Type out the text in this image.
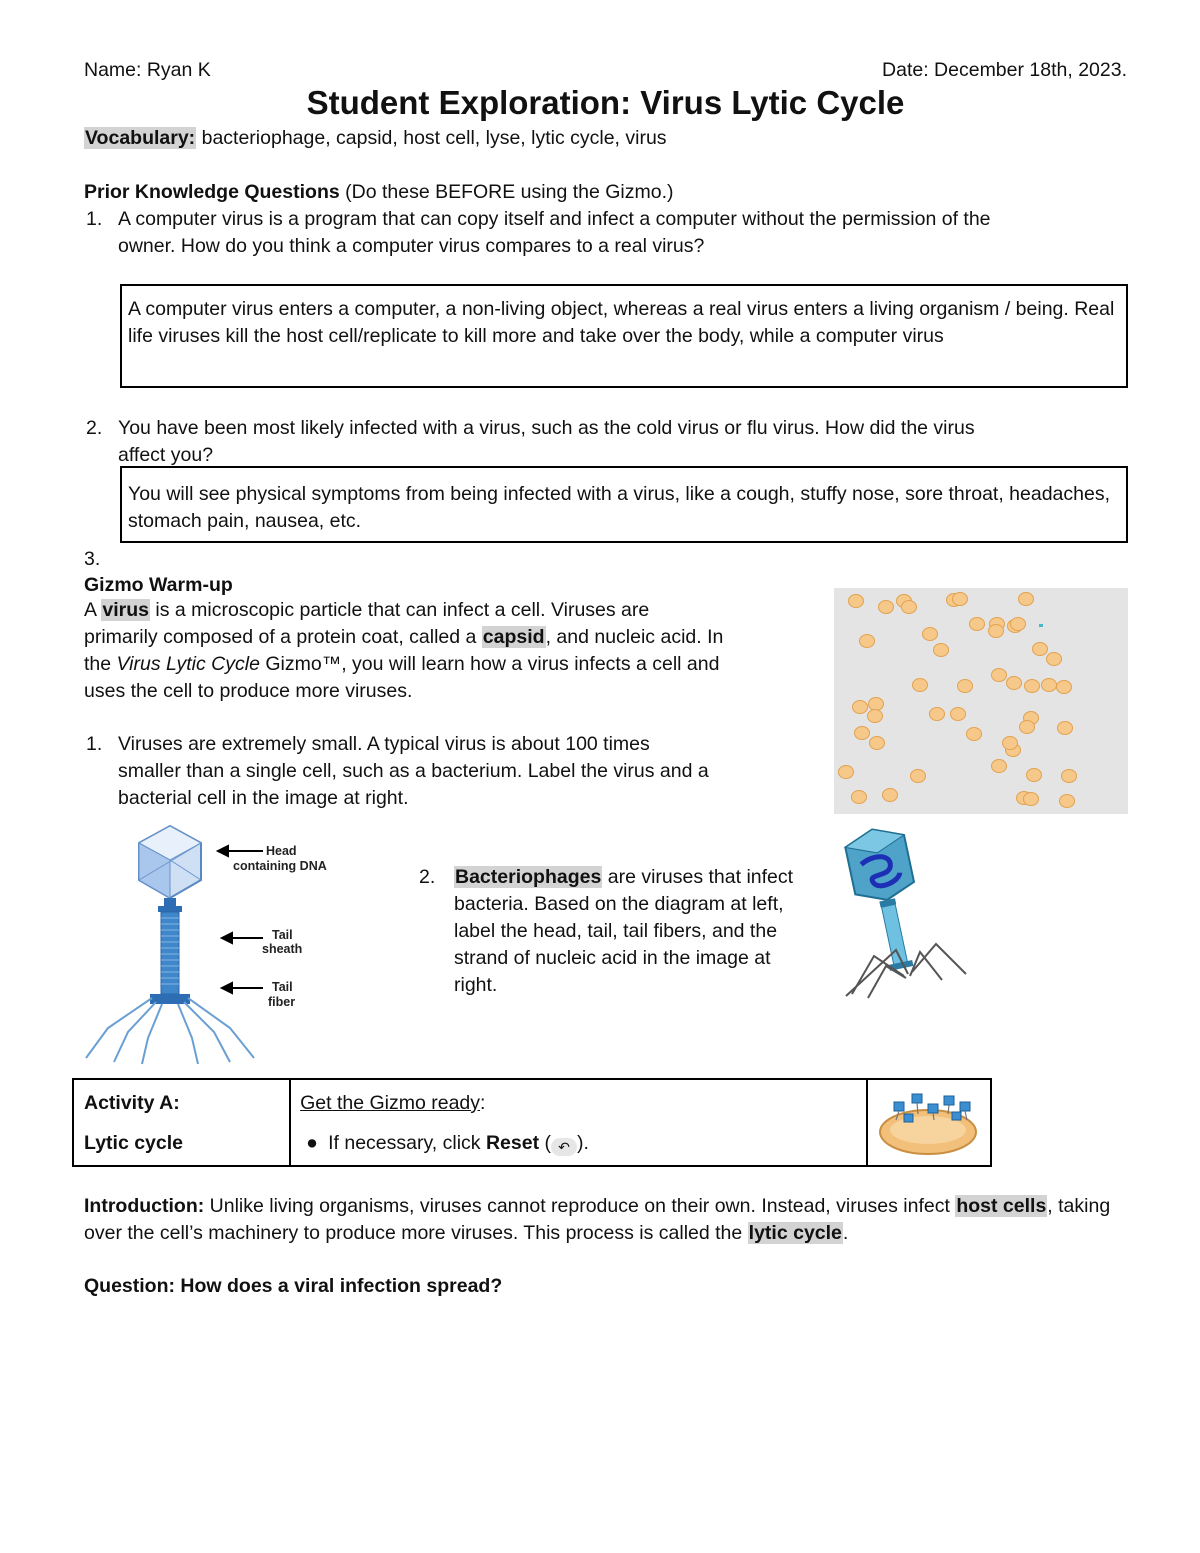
Name: Ryan K	Date: December 18th, 2023.
Student Exploration: Virus Lytic Cycle
Vocabulary: bacteriophage, capsid, host cell, lyse, lytic cycle, virus
Prior Knowledge Questions (Do these BEFORE using the Gizmo.)
1. A computer virus is a program that can copy itself and infect a computer without the permission of the
owner. How do you think a computer virus compares to a real virus?
A computer virus enters a computer, a non-living object, whereas a real virus enters a living organism / being. Real life viruses kill the host cell/replicate to kill more and take over the body, while a computer virus
2. You have been most likely infected with a virus, such as the cold virus or flu virus. How did the virus
affect you?
You will see physical symptoms from being infected with a virus, like a cough, stuffy nose, sore throat, headaches, stomach pain, nausea, etc.
3.
Gizmo Warm-up
A virus is a microscopic particle that can infect a cell. Viruses are primarily composed of a protein coat, called a capsid, and nucleic acid. In the Virus Lytic Cycle Gizmo™, you will learn how a virus infects a cell and uses the cell to produce more viruses.
1. Viruses are extremely small. A typical virus is about 100 times smaller than a single cell, such as a bacterium. Label the virus and a bacterial cell in the image at right.
Head
containing DNA
Tail
sheath
Tail
fiber
2. Bacteriophages are viruses that infect bacteria. Based on the diagram at left, label the head, tail, tail fibers, and the strand of nucleic acid in the image at right.
Activity A:
Lytic cycle

Get the Gizmo ready:
● If necessary, click Reset ( ↶ ).

Introduction: Unlike living organisms, viruses cannot reproduce on their own. Instead, viruses infect host cells, taking over the cell’s machinery to produce more viruses. This process is called the lytic cycle.
Question: How does a viral infection spread?
